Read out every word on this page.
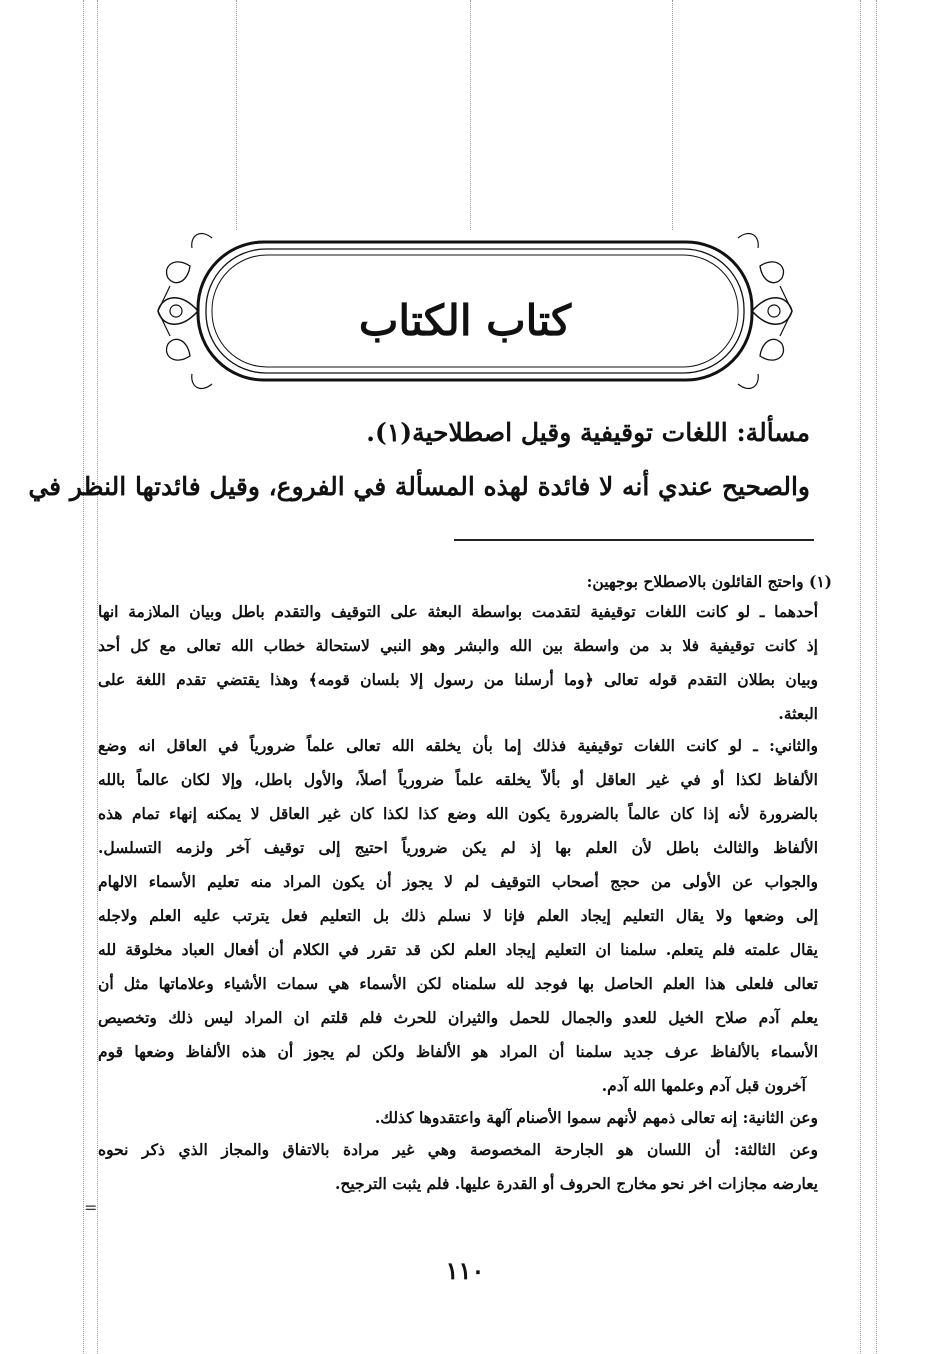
كتاب الكتاب
مسألة: اللغات توقيفية وقيل اصطلاحية(١).
والصحيح عندي أنه لا فائدة لهذه المسألة في الفروع، وقيل فائدتها النظر في
(١) واحتج القائلون بالاصطلاح بوجهين:
أحدهما ـ لو كانت اللغات توقيفية لتقدمت بواسطة البعثة على التوقيف والتقدم باطل وبيان الملازمة انها
إذ كانت توقيفية فلا بد من واسطة بين الله والبشر وهو النبي لاستحالة خطاب الله تعالى مع كل أحد
وبيان بطلان التقدم قوله تعالى ﴿وما أرسلنا من رسول إلا بلسان قومه﴾ وهذا يقتضي تقدم اللغة على
البعثة.
والثاني: ـ لو كانت اللغات توقيفية فذلك إما بأن يخلقه الله تعالى علماً ضرورياً في العاقل انه وضع
الألفاظ لكذا أو في غير العاقل أو بألاّ يخلقه علماً ضرورياً أصلاً، والأول باطل، وإلا لكان عالماً بالله
بالضرورة لأنه إذا كان عالماً بالضرورة يكون الله وضع كذا لكذا كان غير العاقل لا يمكنه إنهاء تمام هذه
الألفاظ والثالث باطل لأن العلم بها إذ لم يكن ضرورياً احتيج إلى توقيف آخر ولزمه التسلسل.
والجواب عن الأولى من حجج أصحاب التوقيف لم لا يجوز أن يكون المراد منه تعليم الأسماء الالهام
إلى وضعها ولا يقال التعليم إيجاد العلم فإنا لا نسلم ذلك بل التعليم فعل يترتب عليه العلم ولاجله
يقال علمته فلم يتعلم. سلمنا ان التعليم إيجاد العلم لكن قد تقرر في الكلام أن أفعال العباد مخلوقة لله
تعالى فلعلى هذا العلم الحاصل بها فوجد لله سلمناه لكن الأسماء هي سمات الأشياء وعلاماتها مثل أن
يعلم آدم صلاح الخيل للعدو والجمال للحمل والثيران للحرث فلم قلتم ان المراد ليس ذلك وتخصيص
الأسماء بالألفاظ عرف جديد سلمنا أن المراد هو الألفاظ ولكن لم يجوز أن هذه الألفاظ وضعها قوم
آخرون قبل آدم وعلمها الله آدم.
وعن الثانية: إنه تعالى ذمهم لأنهم سموا الأصنام آلهة واعتقدوها كذلك.
وعن الثالثة: أن اللسان هو الجارحة المخصوصة وهي غير مرادة بالاتفاق والمجاز الذي ذكر نحوه
يعارضه مجازات اخر نحو مخارج الحروف أو القدرة عليها. فلم يثبت الترجيح.
=
١١٠
